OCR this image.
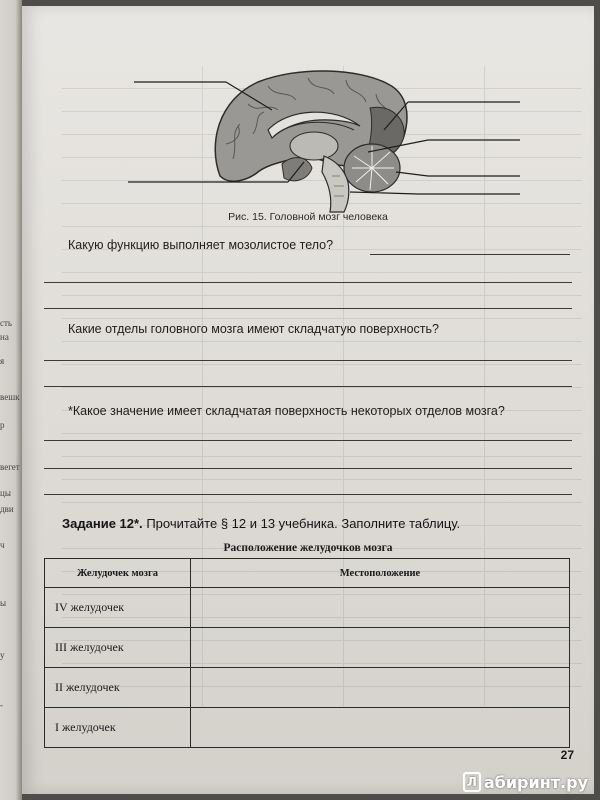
сть
на
я
вешк
р
вегет
цы
дви
ч
ы
у
-
Рис. 15. Головной мозг человека
Какую функцию выполняет мозолистое тело?
Какие отделы головного мозга имеют складчатую поверхность?
*Какое значение имеет складчатая поверхность некоторых отделов мозга?
Задание 12*. Прочитайте § 12 и 13 учебника. Заполните таблицу.
Расположение желудочков мозга
Желудочек мозга	Местоположение
IV желудочек	
III желудочек	
II желудочек	
I желудочек	
27
Л абиринт.ру
